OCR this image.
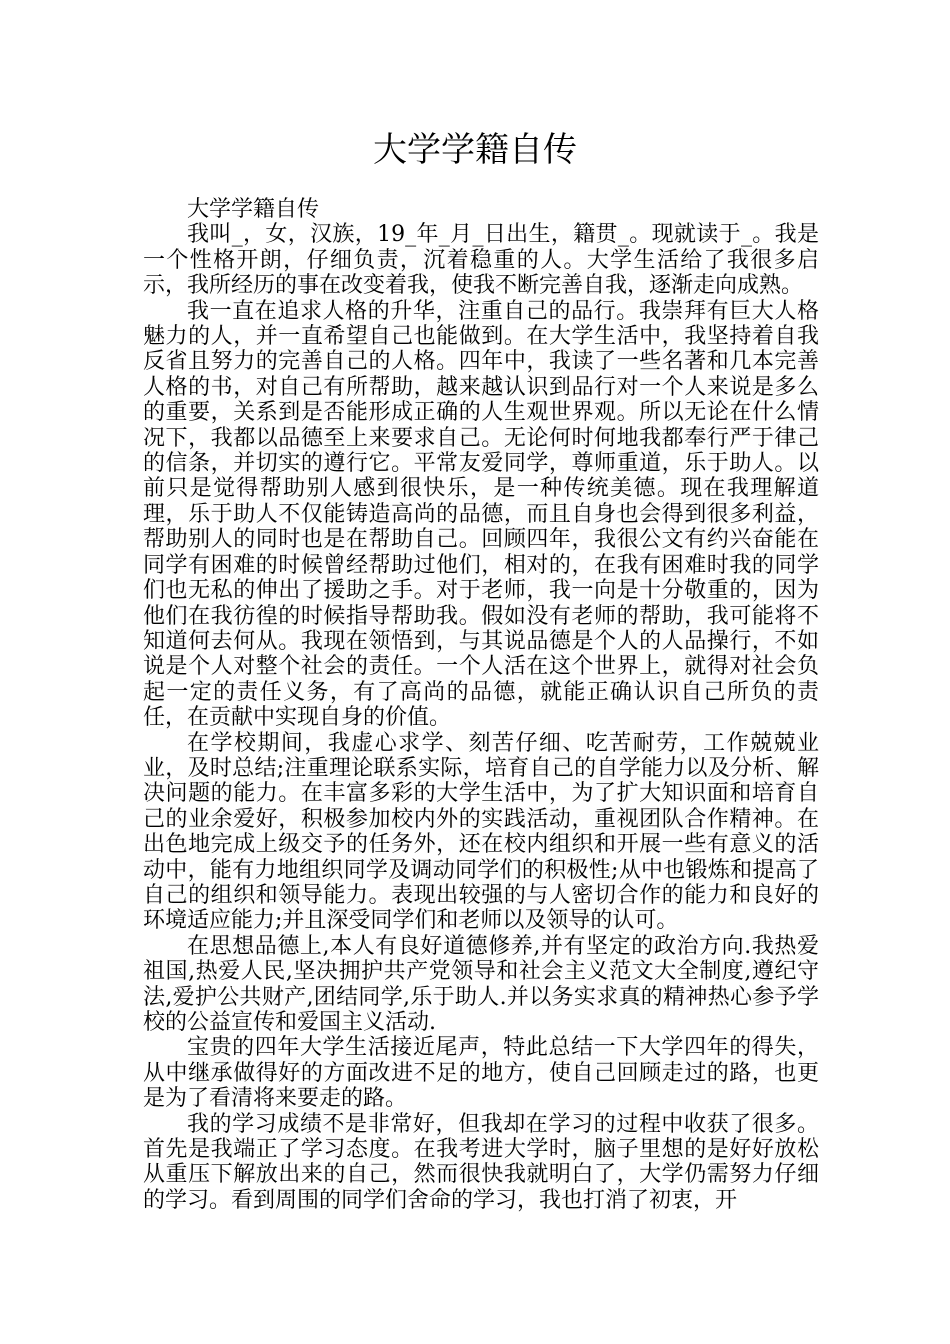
大学学籍自传

大学学籍自传

我叫_，女，汉族，19_年_月_日出生，籍贯_。现就读于_。我是一个性格开朗，仔细负责，沉着稳重的人。大学生活给了我很多启示，我所经历的事在改变着我，使我不断完善自我，逐渐走向成熟。

我一直在追求人格的升华，注重自己的品行。我崇拜有巨大人格魅力的人，并一直希望自己也能做到。在大学生活中，我坚持着自我反省且努力的完善自己的人格。四年中，我读了一些名著和几本完善人格的书，对自己有所帮助，越来越认识到品行对一个人来说是多么的重要，关系到是否能形成正确的人生观世界观。所以无论在什么情况下，我都以品德至上来要求自己。无论何时何地我都奉行严于律己的信条，并切实的遵行它。平常友爱同学，尊师重道，乐于助人。以前只是觉得帮助别人感到很快乐，是一种传统美德。现在我理解道理，乐于助人不仅能铸造高尚的品德，而且自身也会得到很多利益，帮助别人的同时也是在帮助自己。回顾四年，我很公文有约兴奋能在同学有困难的时候曾经帮助过他们，相对的，在我有困难时我的同学们也无私的伸出了援助之手。对于老师，我一向是十分敬重的，因为他们在我彷徨的时候指导帮助我。假如没有老师的帮助，我可能将不知道何去何从。我现在领悟到，与其说品德是个人的人品操行，不如说是个人对整个社会的责任。一个人活在这个世界上，就得对社会负起一定的责任义务，有了高尚的品德，就能正确认识自己所负的责任，在贡献中实现自身的价值。

在学校期间，我虚心求学、刻苦仔细、吃苦耐劳，工作兢兢业业，及时总结;注重理论联系实际，培育自己的自学能力以及分析、解决问题的能力。在丰富多彩的大学生活中，为了扩大知识面和培育自己的业余爱好，积极参加校内外的实践活动，重视团队合作精神。在出色地完成上级交予的任务外，还在校内组织和开展一些有意义的活动中，能有力地组织同学及调动同学们的积极性;从中也锻炼和提高了自己的组织和领导能力。表现出较强的与人密切合作的能力和良好的环境适应能力;并且深受同学们和老师以及领导的认可。

在思想品德上,本人有良好道德修养,并有坚定的政治方向.我热爱祖国,热爱人民,坚决拥护共产党领导和社会主义范文大全制度,遵纪守法,爱护公共财产,团结同学,乐于助人.并以务实求真的精神热心参予学校的公益宣传和爱国主义活动.

宝贵的四年大学生活接近尾声，特此总结一下大学四年的得失，从中继承做得好的方面改进不足的地方，使自己回顾走过的路，也更是为了看清将来要走的路。

我的学习成绩不是非常好，但我却在学习的过程中收获了很多。首先是我端正了学习态度。在我考进大学时，脑子里想的是好好放松从重压下解放出来的自己，然而很快我就明白了，大学仍需努力仔细的学习。看到周围的同学们舍命的学习，我也打消了初衷，开
